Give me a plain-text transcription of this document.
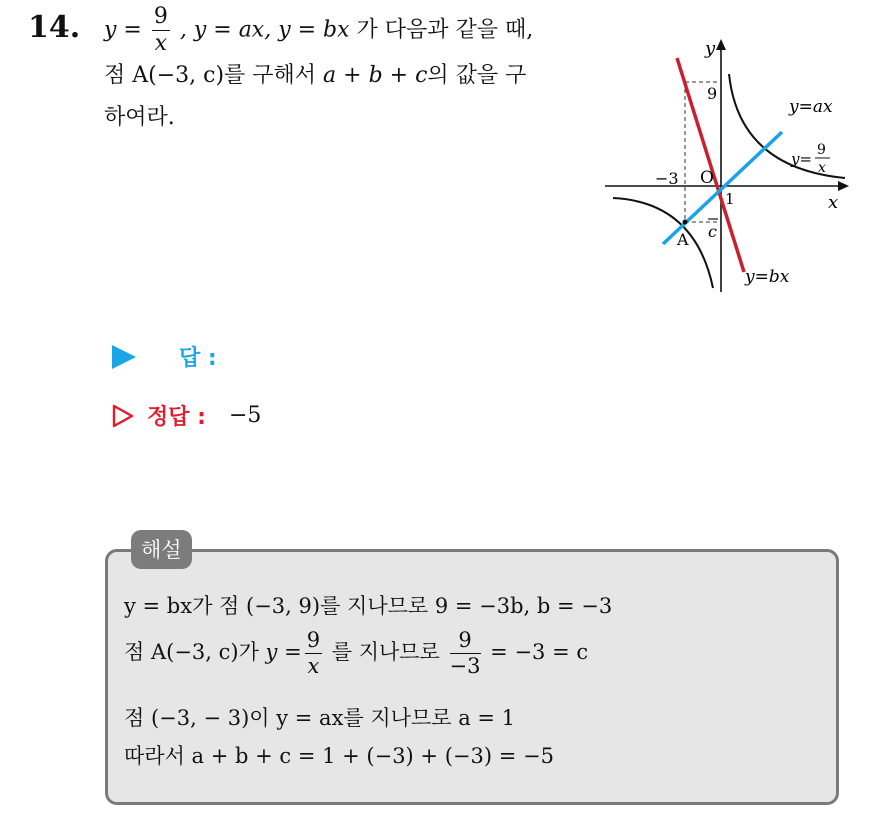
14. $y = \frac{9}{x}$ , y = ax, y = bx 가 다음과 같을 때,
점 A(−3, c)를 구해서 a + b + c의 값을 구
하여라.
y
x
O
9
−3
1
c
A
y=ax
y= 9
x
y=bx
답 :
정답 : −5
해설
y = bx가 점 (−3, 9)를 지나므로 9 = −3b, b = −3
점 A(−3, c)가 $y = \frac{9}{x}$ 를 지나므로 $\frac{9}{-3} = -3 = c$
점 (−3, − 3)이 y = ax를 지나므로 a = 1
따라서 a + b + c = 1 + (−3) + (−3) = −5
